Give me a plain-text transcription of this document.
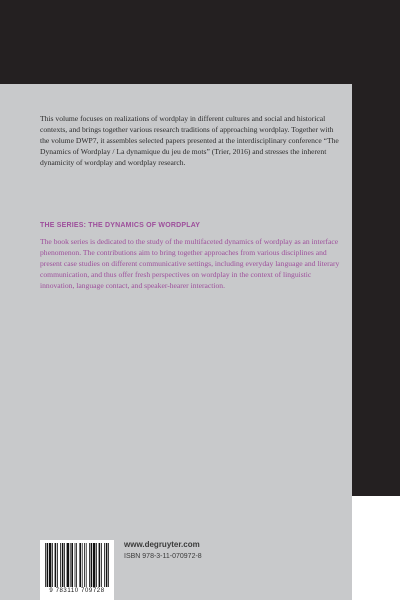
This volume focuses on realizations of wordplay in different cultures and social and historical contexts, and brings together various research traditions of approaching wordplay. Together with the volume DWP7, it assembles selected papers presented at the interdisciplinary conference “The Dynamics of Wordplay / La dynamique du jeu de mots” (Trier, 2016) and stresses the inherent dynamicity of wordplay and wordplay research.

THE SERIES: THE DYNAMICS OF WORDPLAY

The book series is dedicated to the study of the multifaceted dynamics of wordplay as an interface phenomenon. The contributions aim to bring together approaches from various disciplines and present case studies on different communicative settings, including everyday language and literary communication, and thus offer fresh perspectives on wordplay in the context of linguistic innovation, language contact, and speaker-hearer interaction.

9 783110 709728
www.degruyter.com
ISBN 978-3-11-070972-8
